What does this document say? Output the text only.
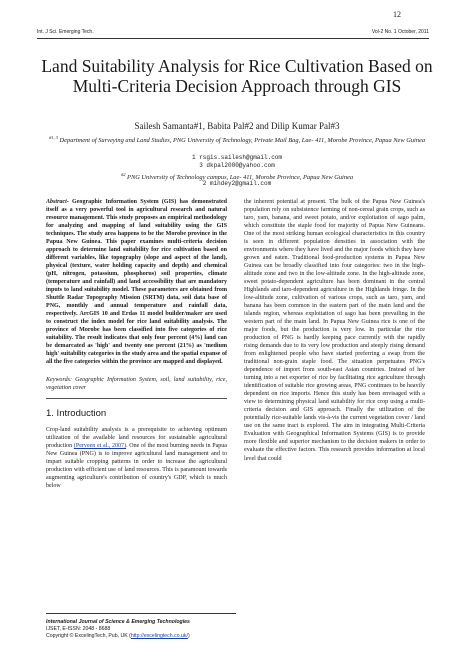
12
Int. J Sci. Emerging Tech.	Vol-2 No. 1 October, 2011
Land Suitability Analysis for Rice Cultivation Based on Multi-Criteria Decision Approach through GIS
Sailesh Samanta#1, Babita Pal#2 and Dilip Kumar Pal#3
$^{\#1, 3}$ Department of Surveying and Land Studies, PNG University of Technology, Private Mail Bag, Lae- 411, Morobe Province, Papua New Guinea
1 rsgis.sailesh@gmail.com
3 dkpal2000@yahoo.com
$^{\#2}$ PNG University of Technology campus, Lae- 411, Morobe Province, Papua New Guinea
2 mindey2@gmail.com
Abstract- Geographic Information System (GIS) has demonstrated itself as a very powerful tool in agricultural research and natural resource management. This study proposes an empirical methodology for analyzing and mapping of land suitability using the GIS techniques. The study area happens to be the Morobe province in the Papua New Guinea. This paper examines multi-criteria decision approach to determine land suitability for rice cultivation based on different variables, like topography (slope and aspect of the land), physical (texture, water holding capacity and depth) and chemical (pH, nitrogen, potassium, phosphorus) soil properties, climate (temperature and rainfall) and land accessibility that are mandatory inputs to land suitability model. These parameters are obtained from Shuttle Radar Topography Mission (SRTM) data, soil data base of PNG, monthly and annual temperature and rainfall data, respectively. ArcGIS 10 and Erdas 11 model builder/maker are used to construct the index model for rice land suitability analysis. The province of Morobe has been classified into five categories of rice suitability. The result indicates that only four percent (4%) land can be demarcated as 'high' and twenty one percent (21%) as 'medium high' suitability categories in the study area and the spatial expanse of all the five categories within the province are mapped and displayed.
Keywords: Geographic Information System, soil, land suitability, rice, vegetation cover
1. Introduction
Crop-land suitability analysis is a prerequisite to achieving optimum utilization of the available land resources for sustainable agricultural production (Perveen et al., 2007). One of the most burning needs in Papua New Guinea (PNG) is to improve agricultural land management and to impart suitable cropping patterns in order to increase the agricultural production with efficient use of land resources. This is paramount towards augmenting agriculture's contribution of country's GDP, which is much below
the inherent potential at present. The bulk of the Papua New Guinea's population rely on subsistence farming of non-cereal grain crops, such as taro, yam, banana, and sweet potato, and/or exploitation of sago palm, which constitute the staple food for majority of Papua New Guineans. One of the most striking human ecological characteristics in this country is seen in different population densities in association with the environments where they have lived and the major foods which they have grown and eaten. Traditional food-production systems in Papua New Guinea can be broadly classified into four categories: two in the high-altitude zone and two in the low-altitude zone. In the high-altitude zone, sweet potato-dependent agriculture has been dominant in the central Highlands and taro-dependent agriculture in the Highlands fringe. In the low-altitude zone, cultivation of various crops, such as taro, yam, and banana has been common in the eastern part of the main land and the islands region, whereas exploitation of sago has been prevailing in the western part of the main land. In Papua New Guinea rice is one of the major foods, but the production is very low. In particular the rice production of PNG is hardly keeping pace currently with the rapidly rising demands due to its very low production and steeply rising demand from enlightened people who have started preferring a swap from the traditional non-grain staple food. The situation perpetuates PNG's dependence of import from south-east Asian countries. Instead of her turning into a net exporter of rice by facilitating rice agriculture through identification of suitable rice growing areas, PNG continues to be heavily dependent on rice imports. Hence this study has been envisaged with a view to determining physical land suitability for rice crop using a multi-criteria decision and GIS approach. Finally the utilization of the potentially rice-suitable lands vis-à-vis the current vegetation cover / land use on the same tract is explored. The aim in integrating Multi-Criteria Evaluation with Geographical Information Systems (GIS) is to provide more flexible and superior mechanism to the decision makers in order to evaluate the effective factors. This research provides information at local level that could
International Journal of Science & Emerging Technologies
IJSET, E-ISSN: 2048 - 8688
Copyright © ExcelingTech, Pub, UK (http://excelingtech.co.uk/)
